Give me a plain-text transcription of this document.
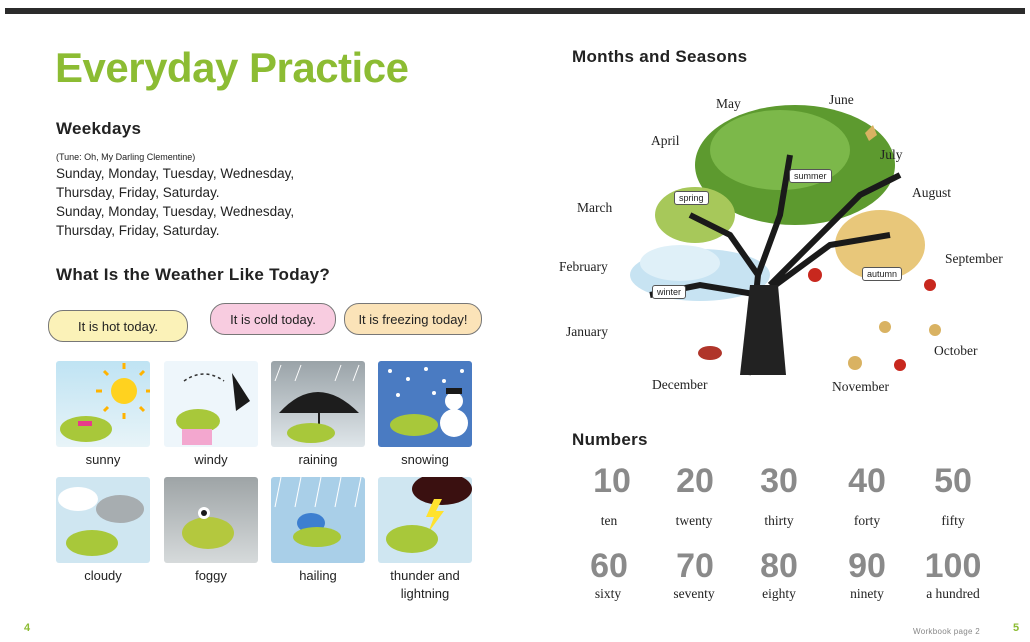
Everyday Practice
Weekdays
(Tune: Oh, My Darling Clementine)
Sunday, Monday, Tuesday, Wednesday,
Thursday, Friday, Saturday.
Sunday, Monday, Tuesday, Wednesday,
Thursday, Friday, Saturday.
What Is the Weather Like Today?
It is hot today.	It is cold today.	It is freezing today!
sunny	windy	raining	snowing
cloudy	foggy	hailing	thunder and
lightning
Months and Seasons
spring
summer
autumn
winter
January
February
March
April
May	June
July
August
September
October
November
December
Numbers
10	20	30	40	50
ten	twenty	thirty	forty	fifty
60	70	80	90	100
sixty	seventy	eighty	ninety	a hundred
4	Workbook page 2	5
